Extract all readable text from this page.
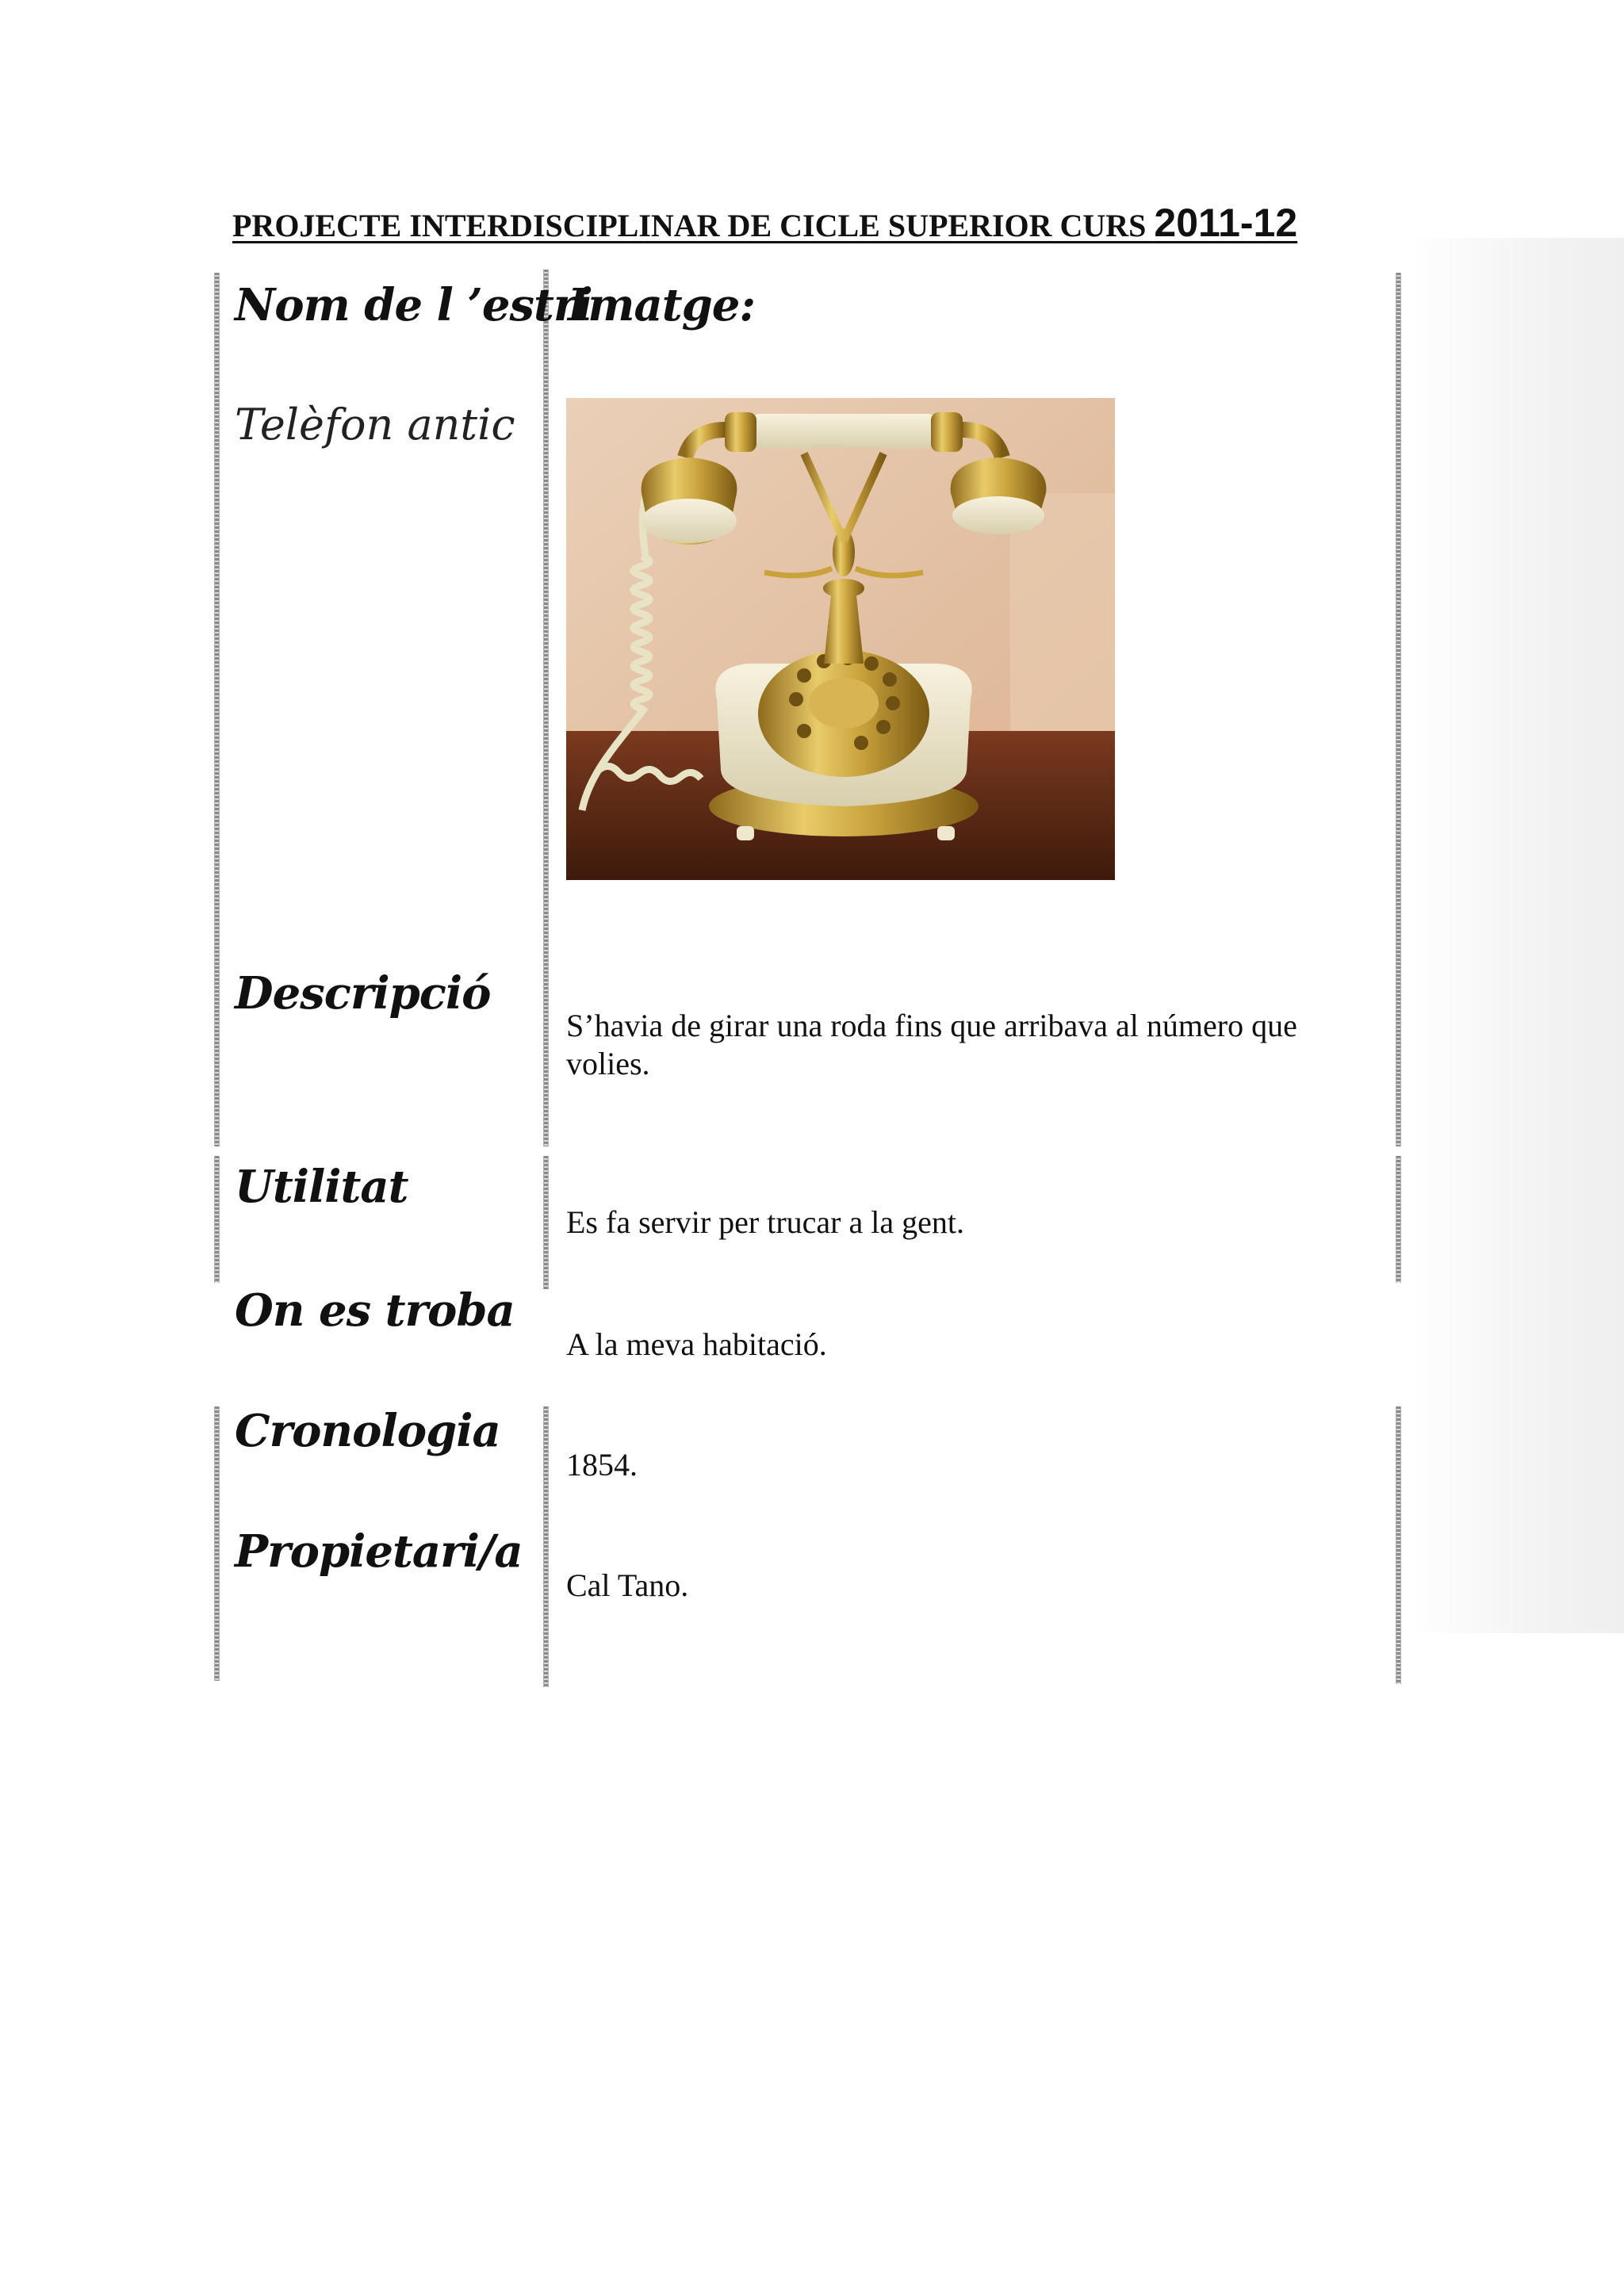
PROJECTE INTERDISCIPLINAR DE CICLE SUPERIOR CURS 2011-12
Nom de l ’estri
Imatge:
Telèfon antic
Descripció
S’havia de girar una roda fins que arribava al número que volies.
Utilitat
Es fa servir per trucar a la gent.
On es troba
A la meva habitació.
Cronologia
1854.
Propietari/a
Cal Tano.
